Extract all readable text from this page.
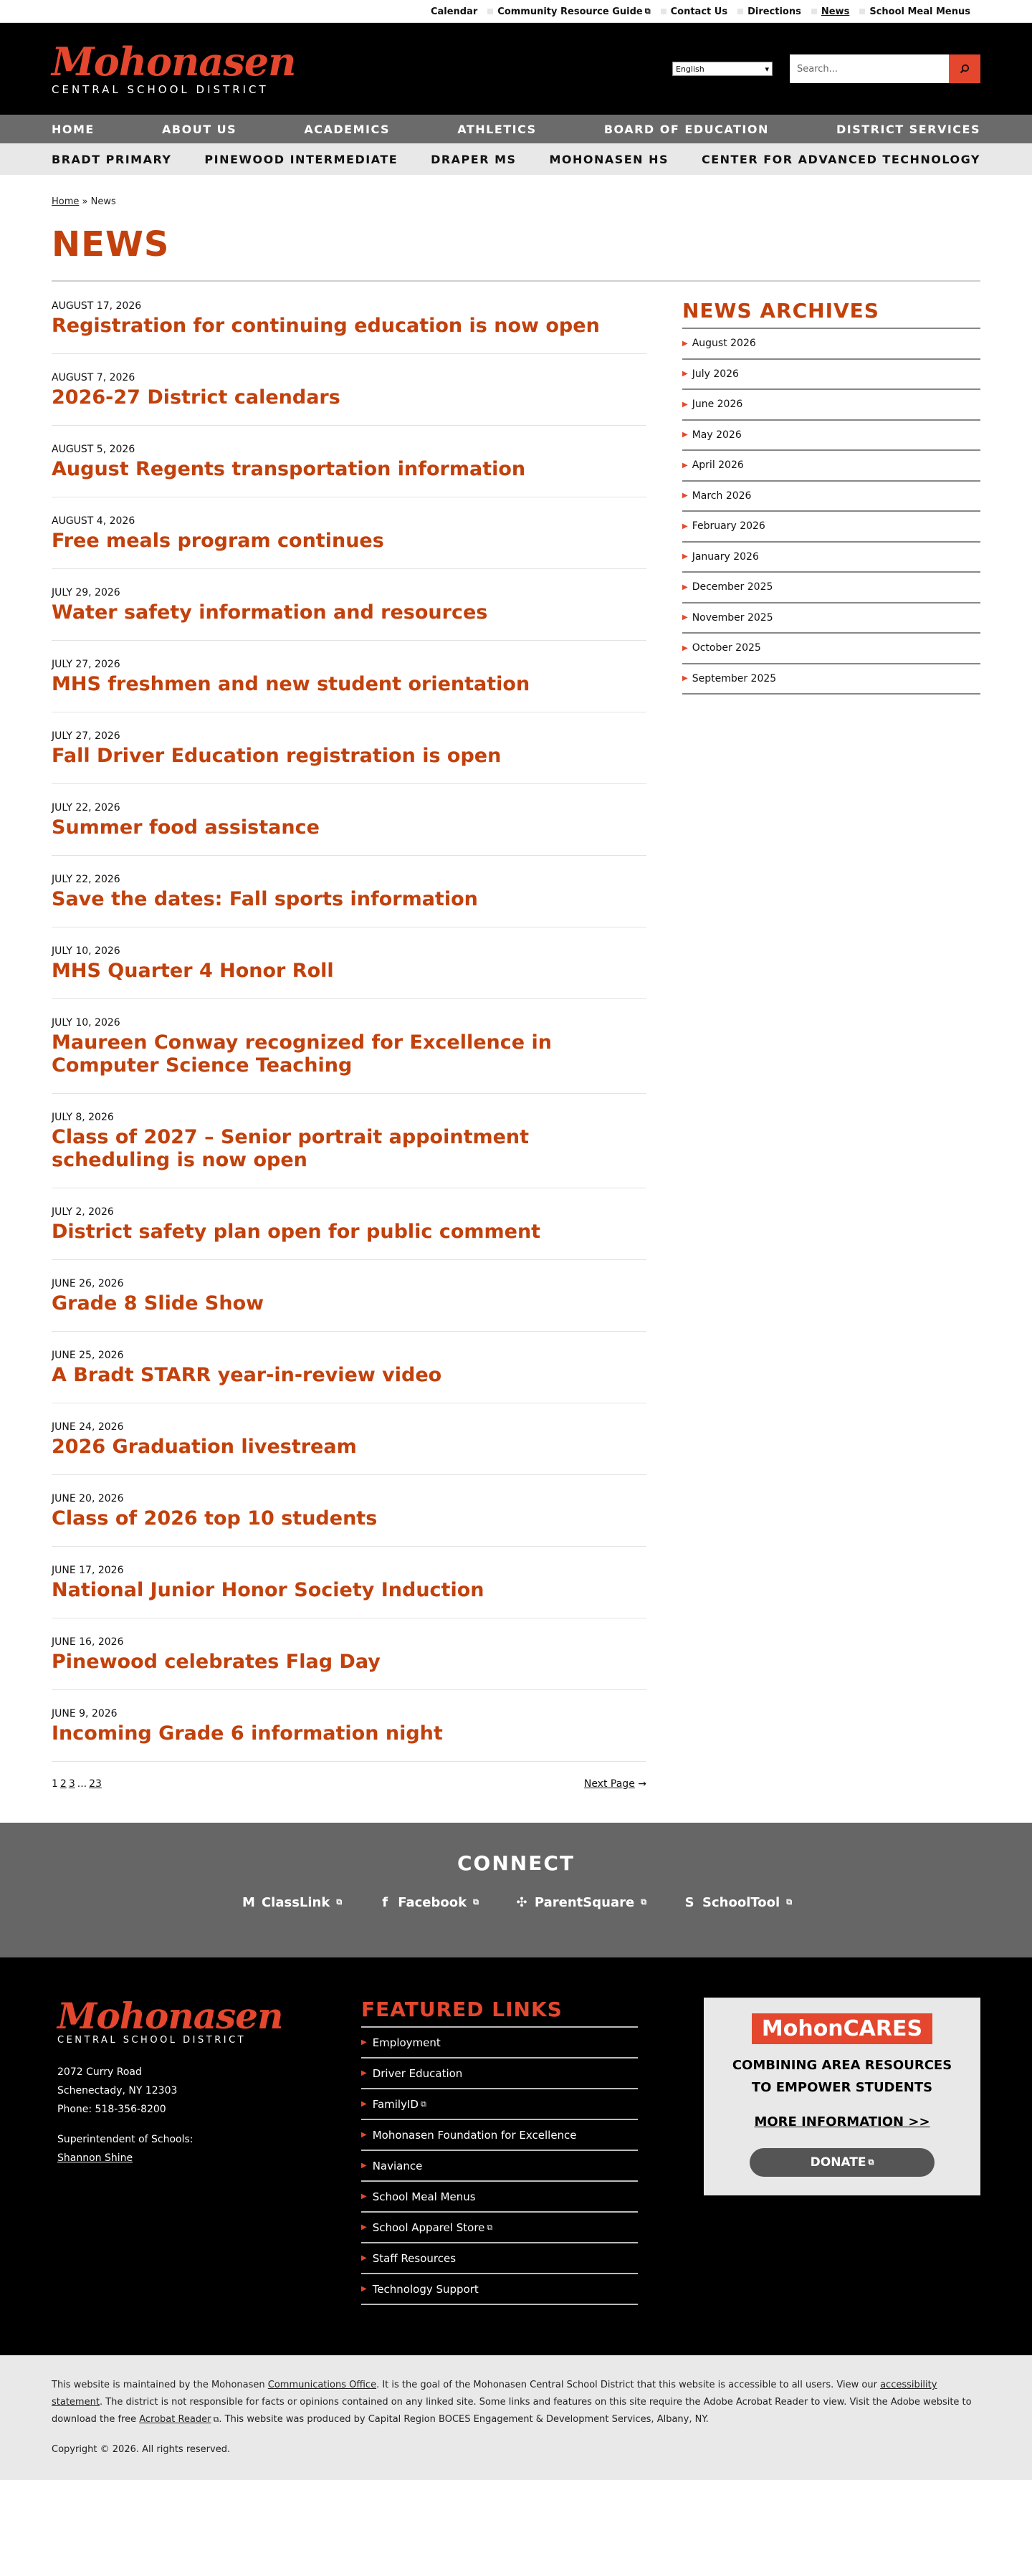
Calendar Community Resource Guide ⧉ Contact Us Directions News School Meal Menus
Mohonasen
CENTRAL SCHOOL DISTRICT
English	▾	Search...
HOME	ABOUT US	ACADEMICS	ATHLETICS	BOARD OF EDUCATION	DISTRICT SERVICES
BRADT PRIMARY	PINEWOOD INTERMEDIATE	DRAPER MS	MOHONASEN HS	CENTER FOR ADVANCED TECHNOLOGY
Home » News
NEWS
AUGUST 17, 2026
Registration for continuing education is now open
AUGUST 7, 2026
2026-27 District calendars
AUGUST 5, 2026
August Regents transportation information
AUGUST 4, 2026
Free meals program continues
JULY 29, 2026
Water safety information and resources
JULY 27, 2026
MHS freshmen and new student orientation
JULY 27, 2026
Fall Driver Education registration is open
JULY 22, 2026
Summer food assistance
JULY 22, 2026
Save the dates: Fall sports information
JULY 10, 2026
MHS Quarter 4 Honor Roll
JULY 10, 2026
Maureen Conway recognized for Excellence in Computer Science Teaching
JULY 8, 2026
Class of 2027 – Senior portrait appointment scheduling is now open
JULY 2, 2026
District safety plan open for public comment
JUNE 26, 2026
Grade 8 Slide Show
JUNE 25, 2026
A Bradt STARR year-in-review video
JUNE 24, 2026
2026 Graduation livestream
JUNE 20, 2026
Class of 2026 top 10 students
JUNE 17, 2026
National Junior Honor Society Induction
JUNE 16, 2026
Pinewood celebrates Flag Day
JUNE 9, 2026
Incoming Grade 6 information night
1 2 3 ... 23	Next Page →
NEWS ARCHIVES
▶ August 2026
▶ July 2026
▶ June 2026
▶ May 2026
▶ April 2026
▶ March 2026
▶ February 2026
▶ January 2026
▶ December 2025
▶ November 2025
▶ October 2025
▶ September 2025
CONNECT
M ClassLink ⧉	f Facebook ⧉	✣ ParentSquare ⧉	S SchoolTool ⧉
Mohonasen
CENTRAL SCHOOL DISTRICT
2072 Curry Road
Schenectady, NY 12303
Phone: 518-356-8200
Superintendent of Schools:
Shannon Shine
FEATURED LINKS
▶ Employment
▶ Driver Education
▶ FamilyID ⧉
▶ Mohonasen Foundation for Excellence
▶ Naviance
▶ School Meal Menus
▶ School Apparel Store ⧉
▶ Staff Resources
▶ Technology Support
MohonCARES
COMBINING AREA RESOURCES
TO EMPOWER STUDENTS
MORE INFORMATION >>
DONATE ⧉

This website is maintained by the Mohonasen Communications Office. It is the goal of the Mohonasen Central School District that this website is accessible to all users. View our accessibility statement. The district is not responsible for facts or opinions contained on any linked site. Some links and features on this site require the Adobe Acrobat Reader to view. Visit the Adobe website to download the free Acrobat Reader ⧉. This website was produced by Capital Region BOCES Engagement & Development Services, Albany, NY.

Copyright © 2026. All rights reserved.
